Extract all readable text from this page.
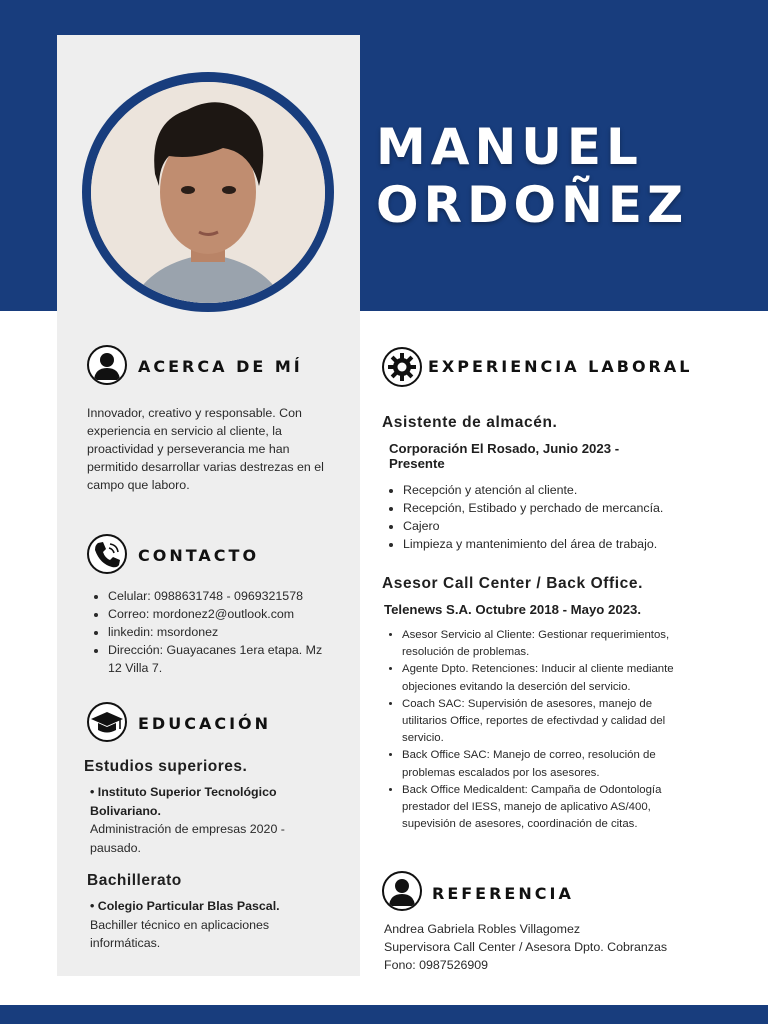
MANUEL
ORDOÑEZ
ACERCA DE MÍ
Innovador, creativo y responsable. Con experiencia en servicio al cliente, la proactividad y perseverancia me han permitido desarrollar varias destrezas en el campo que laboro.
CONTACTO
• Celular: 0988631748 - 0969321578
• Correo: mordonez2@outlook.com
• linkedin: msordonez
• Dirección: Guayacanes 1era etapa. Mz 12 Villa 7.
EDUCACIÓN
Estudios superiores.
• Instituto Superior Tecnológico Bolivariano.
Administración de empresas 2020 - pausado.
Bachillerato
• Colegio Particular Blas Pascal.
Bachiller técnico en aplicaciones informáticas.
EXPERIENCIA LABORAL
Asistente de almacén.
Corporación El Rosado, Junio 2023 - Presente
• Recepción y atención al cliente.
• Recepción, Estibado y perchado de mercancía.
• Cajero
• Limpieza y mantenimiento del área de trabajo.
Asesor Call Center / Back Office.
Telenews S.A. Octubre 2018 - Mayo 2023.
• Asesor Servicio al Cliente: Gestionar requerimientos, resolución de problemas.
• Agente Dpto. Retenciones: Inducir al cliente mediante objeciones evitando la deserción del servicio.
• Coach SAC: Supervisión de asesores, manejo de utilitarios Office, reportes de efectivdad y calidad del servicio.
• Back Office SAC: Manejo de correo, resolución de problemas escalados por los asesores.
• Back Office Medicaldent: Campaña de Odontología prestador del IESS, manejo de aplicativo AS/400, supevisión de asesores, coordinación de citas.
REFERENCIA
Andrea Gabriela Robles Villagomez
Supervisora Call Center / Asesora Dpto. Cobranzas
Fono: 0987526909
